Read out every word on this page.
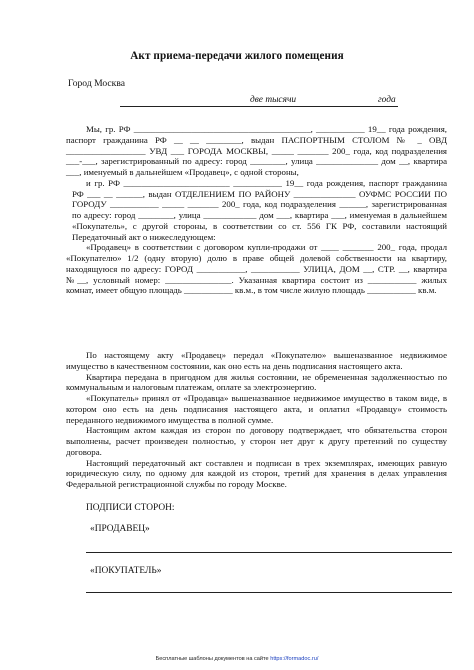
Акт приема-передачи жилого помещения
Город Москва
две тысячи	года

Мы, гр. РФ ________________________________________, ___________ 19__ года рождения, паспорт гражданина РФ __ __ ________, выдан ПАСПОРТНЫМ СТОЛОМ № _ ОВД __________________ УВД ___ ГОРОДА МОСКВЫ, _____ _______ 200_ года, код подразделения ___-___, зарегистрированный по адресу: город ________, улица ______________ дом __, квартира ___, именуемый в дальнейшем «Продавец», с одной стороны,

и гр. РФ ________________________ ___________ 19__ года рождения, паспорт гражданина РФ ___ __ ______, выдан ОТДЕЛЕНИЕМ ПО РАЙОНУ ______________ ОУФМС РОССИИ ПО ГОРОДУ ___________ _____ _______ 200_ года, код подразделения ______, зарегистрированная по адресу: город ________, улица ____________ дом ___, квартира ___, именуемая в дальнейшем «Покупатель», с другой стороны, в соответствии со ст. 556 ГК РФ, составили настоящий Передаточный акт о нижеследующем:

«Продавец» в соответствии с договором купли-продажи от ____ _______ 200_ года, продал «Покупателю» 1/2 (одну вторую) долю в праве общей долевой собственности на квартиру, находящуюся по адресу: ГОРОД ___________, ___________ УЛИЦА, ДОМ __, СТР. __, квартира №__, условный номер: _______________. Указанная квартира состоит из ___________ жилых комнат, имеет общую площадь ___________ кв.м., в том числе жилую площадь ___________ кв.м.

По настоящему акту «Продавец» передал «Покупателю» вышеназванное недвижимое имущество в качественном состоянии, как оно есть на день подписания настоящего акта.

Квартира передана в пригодном для жилья состоянии, не обремененная задолженностью по коммунальным и налоговым платежам, оплате за электроэнергию.

«Покупатель» принял от «Продавца» вышеназванное недвижимое имущество в таком виде, в котором оно есть на день подписания настоящего акта, и оплатил «Продавцу» стоимость переданного недвижимого имущества в полной сумме.

Настоящим актом каждая из сторон по договору подтверждает, что обязательства сторон выполнены, расчет произведен полностью, у сторон нет друг к другу претензий по существу договора.

Настоящий передаточный акт составлен и подписан в трех экземплярах, имеющих равную юридическую силу, по одному для каждой из сторон, третий для хранения в делах управления Федеральной регистрационной службы по городу Москве.

ПОДПИСИ СТОРОН:
«ПРОДАВЕЦ»
«ПОКУПАТЕЛЬ»
Бесплатные шаблоны документов на сайте https://formadoc.ru/
